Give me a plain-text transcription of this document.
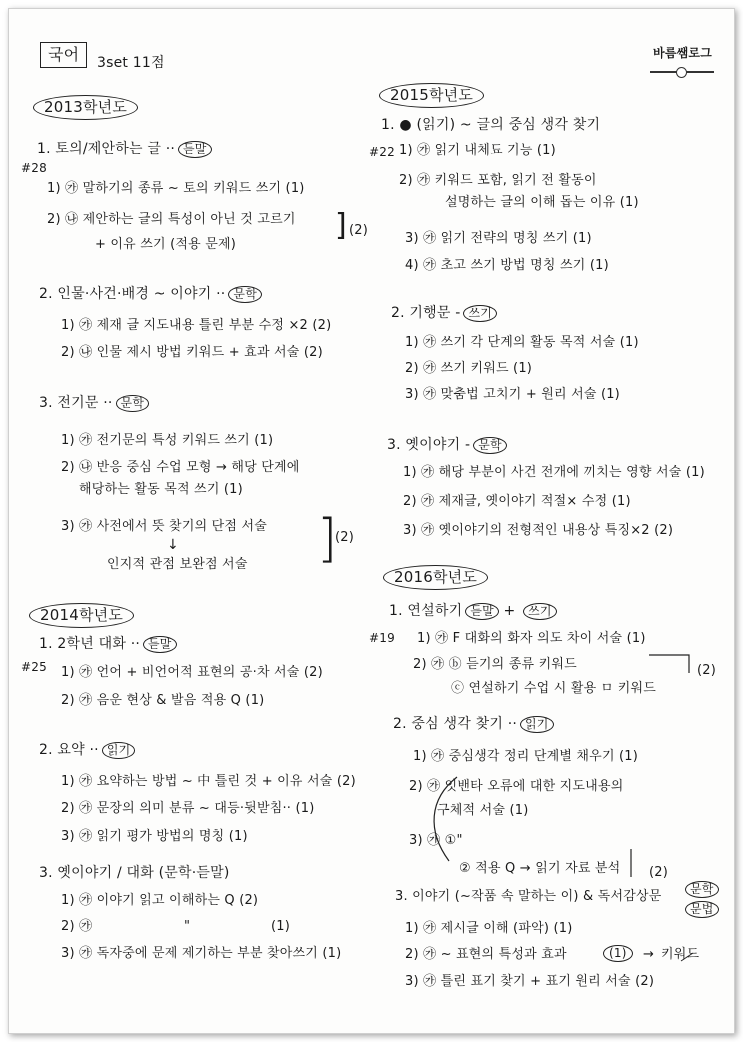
국어	3set 11점
바름쌤로그
2013학년도
1. 토의/제안하는 글 ·· 듣말
#28
1) ㉮ 말하기의 종류 ~ 토의 키워드 쓰기 (1)
2) ㉯ 제안하는 글의 특성이 아닌 것 고르기
+ 이유 쓰기 (적용 문제)
] (2)
2. 인물·사건·배경 ~ 이야기 ·· 문학
1) ㉮ 제재 글 지도내용 틀린 부분 수정 ×2 (2)
2) ㉯ 인물 제시 방법 키워드 + 효과 서술 (2)
3. 전기문 ·· 문학
1) ㉮ 전기문의 특성 키워드 쓰기 (1)
2) ㉯ 반응 중심 수업 모형 → 해당 단계에
해당하는 활동 목적 쓰기 (1)
3) ㉮ 사전에서 뜻 찾기의 단점 서술
↓
인지적 관점 보완점 서술 ]
(2)
2014학년도
1. 2학년 대화 ·· 듣말
#25 1) ㉮ 언어 + 비언어적 표현의 공·차 서술 (2)
2) ㉮ 음운 현상 & 발음 적용 Q (1)
2. 요약 ·· 읽기
1) ㉮ 요약하는 방법 ~ 中 틀린 것 + 이유 서술 (2)
2) ㉮ 문장의 의미 분류 ~ 대등·뒷받침·· (1)
3) ㉮ 읽기 평가 방법의 명칭 (1)
3. 옛이야기 / 대화 (문학·듣말)
1) ㉮ 이야기 읽고 이해하는 Q (2)
2) ㉮	"	(1)
3) ㉮ 독자중에 문제 제기하는 부분 찾아쓰기 (1)
2015학년도
1. ● (읽기) ~ 글의 중심 생각 찾기
#22 1) ㉮ 읽기 내체됴 기능 (1)
2) ㉮ 키워드 포함, 읽기 전 활동이
설명하는 글의 이해 돕는 이유 (1)
3) ㉮ 읽기 전략의 명칭 쓰기 (1)
4) ㉮ 초고 쓰기 방법 명칭 쓰기 (1)
2. 기행문 - 쓰기
1) ㉮ 쓰기 각 단계의 활동 목적 서술 (1)
2) ㉮ 쓰기 키워드 (1)
3) ㉮ 맞춤법 고치기 + 원리 서술 (1)
3. 옛이야기 - 문학
1) ㉮ 해당 부분이 사건 전개에 끼치는 영향 서술 (1)
2) ㉮ 제재글, 옛이야기 적절× 수정 (1)
3) ㉮ 옛이야기의 전형적인 내용상 특징×2 (2)
2016학년도
1. 연설하기 듣말 + 쓰기
#19 1) ㉮ F 대화의 화자 의도 차이 서술 (1)
2) ㉮ ⓑ 듣기의 종류 키워드
ⓒ 연설하기 수업 시 활용 ㅁ 키워드
(2)
2. 중심 생각 찾기 ·· 읽기
1) ㉮ 중심생각 정리 단계별 채우기 (1)
2) ㉮ 잇밴타 오류에 대한 지도내용의
구체적 서술 (1)
3) ㉮ ①"
② 적용 Q → 읽기 자료 분석 (2)
3. 이야기 (~작품 속 말하는 이) & 독서감상문	문학
문법
1) ㉮ 제시글 이해 (파악) (1)
2) ㉮ ~ 표현의 특성과 효과	(1)	→ 키워드
3) ㉮ 틀린 표기 찾기 + 표기 원리 서술 (2)
